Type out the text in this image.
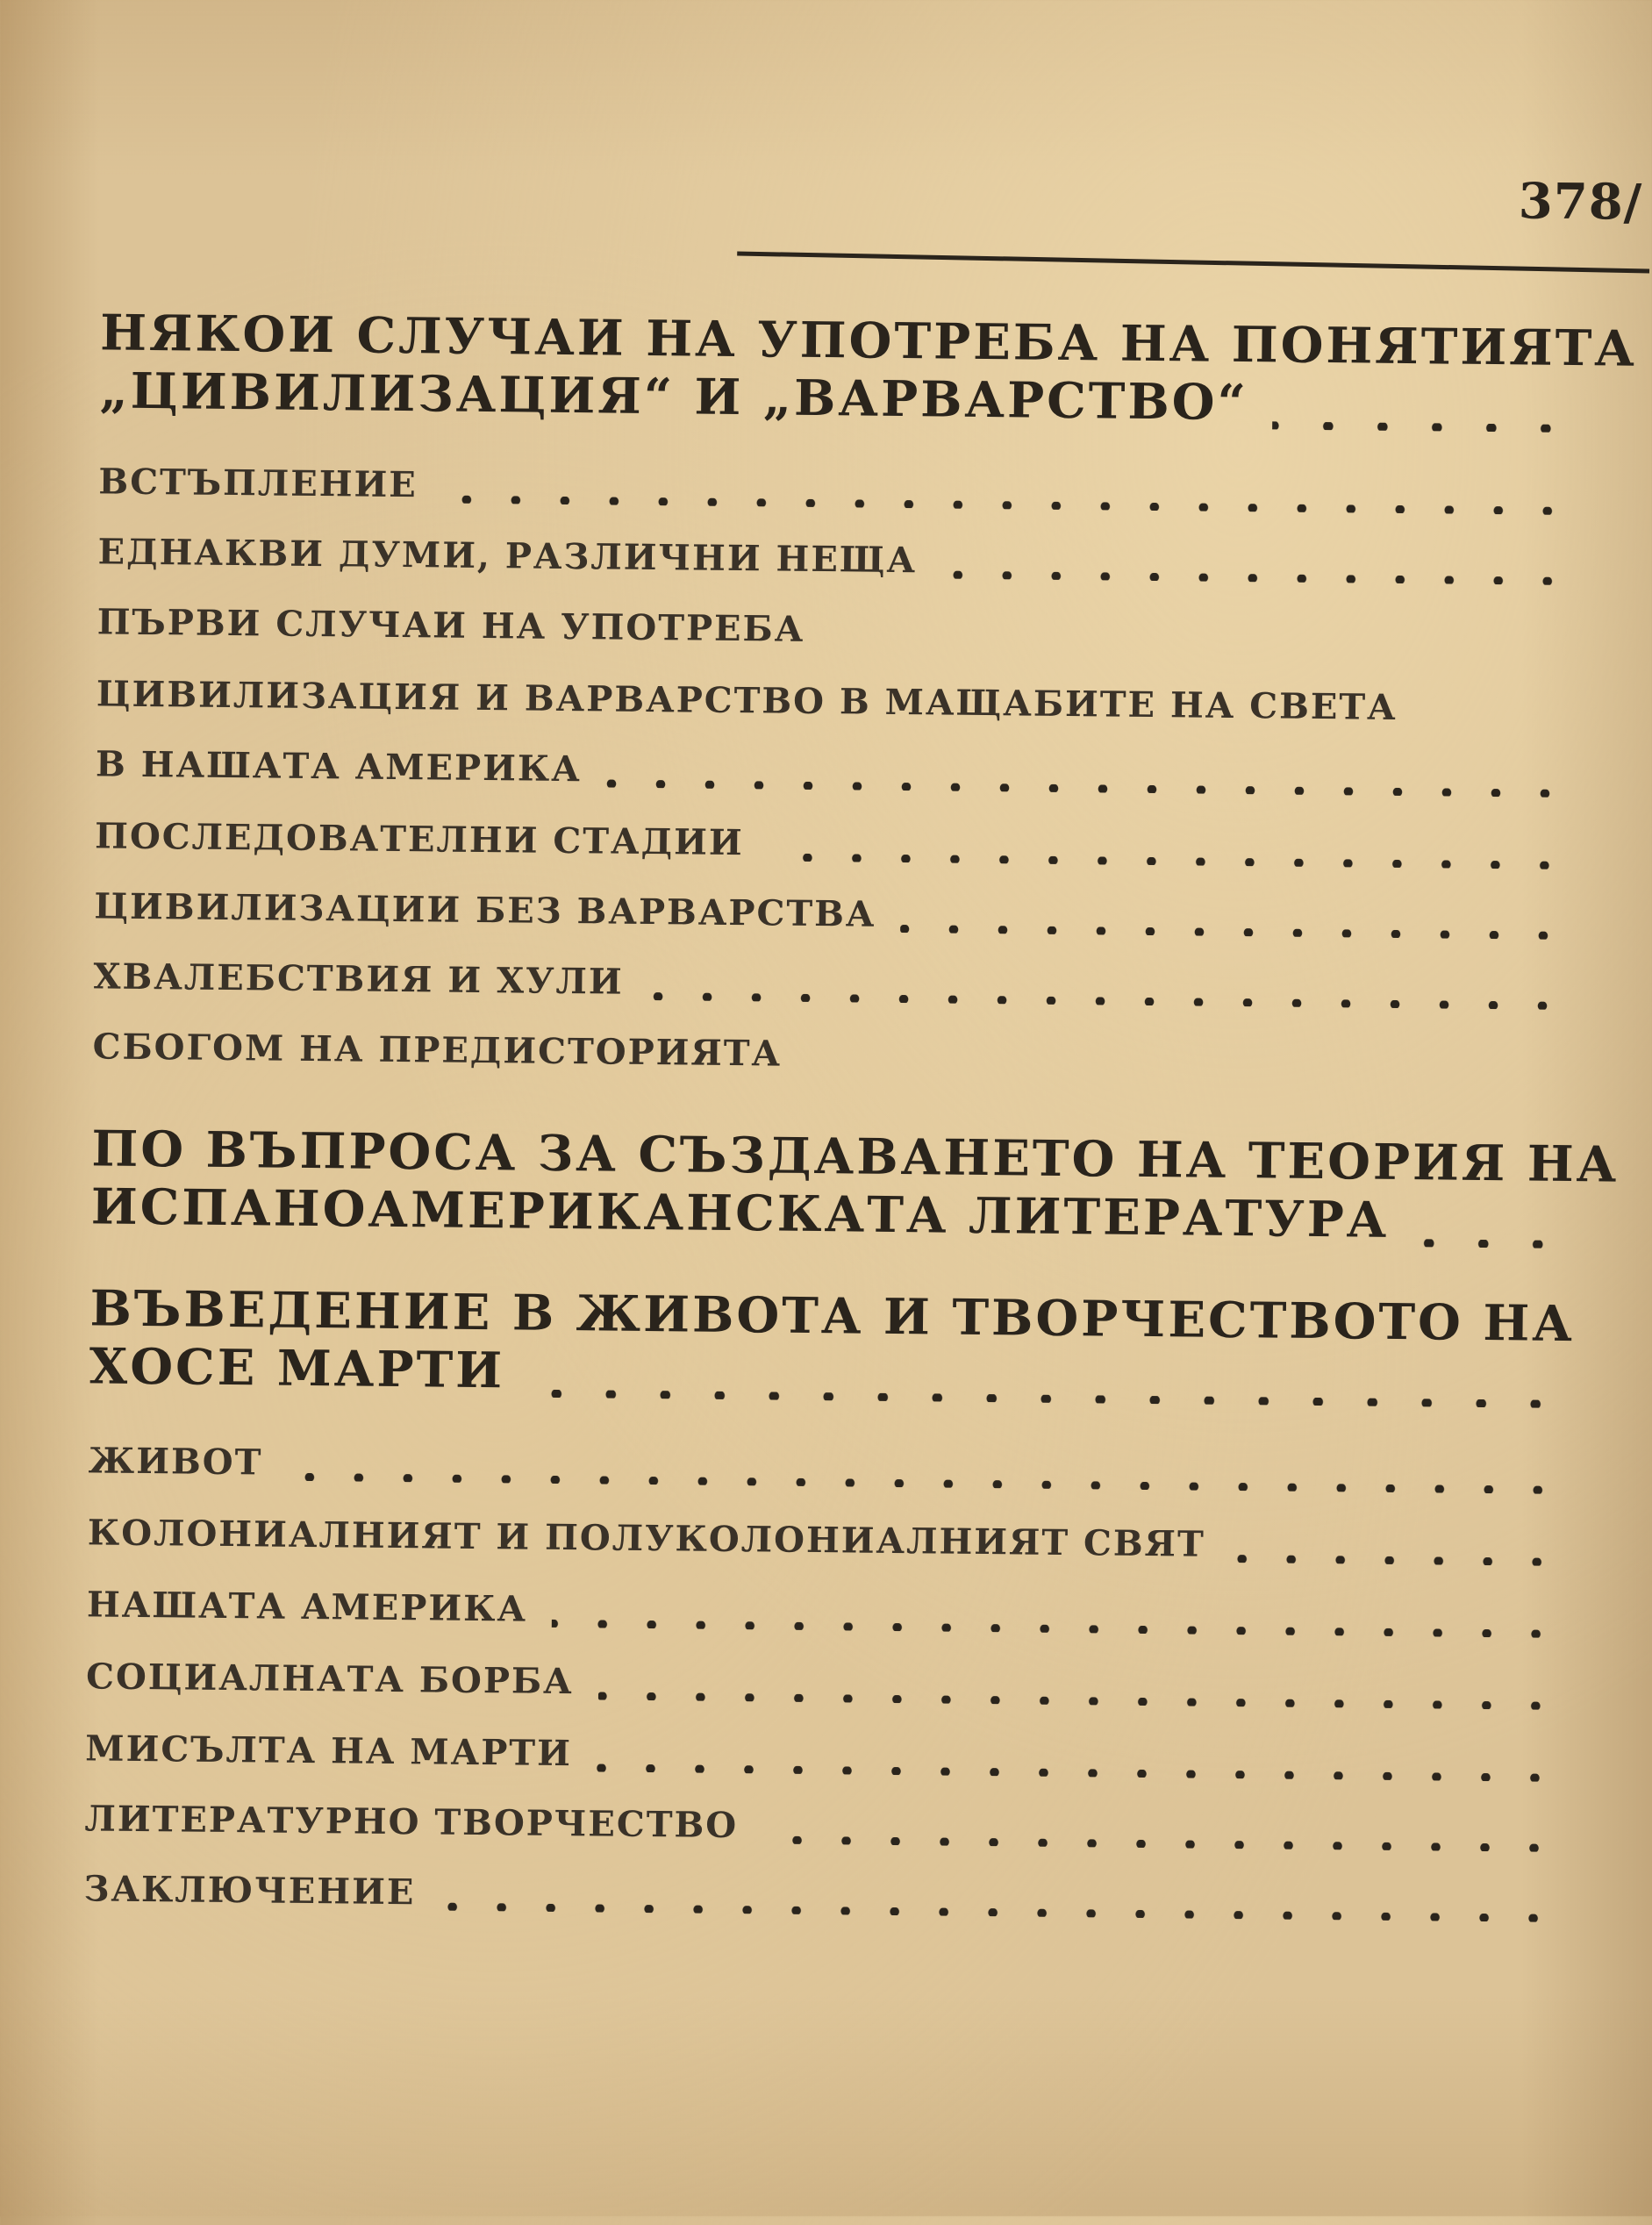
378/

НЯКОИ СЛУЧАИ НА УПОТРЕБА НА ПОНЯТИЯТА
„ЦИВИЛИЗАЦИЯ“ И „ВАРВАРСТВО“
ВСТЪПЛЕНИЕ
ЕДНАКВИ ДУМИ, РАЗЛИЧНИ НЕЩА
ПЪРВИ СЛУЧАИ НА УПОТРЕБА
ЦИВИЛИЗАЦИЯ И ВАРВАРСТВО В МАЩАБИТЕ НА СВЕТА
В НАШАТА АМЕРИКА
ПОСЛЕДОВАТЕЛНИ СТАДИИ
ЦИВИЛИЗАЦИИ БЕЗ ВАРВАРСТВА
ХВАЛЕБСТВИЯ И ХУЛИ
СБОГОМ НА ПРЕДИСТОРИЯТА
ПО ВЪПРОСА ЗА СЪЗДАВАНЕТО НА ТЕОРИЯ НА
ИСПАНОАМЕРИКАНСКАТА ЛИТЕРАТУРА
ВЪВЕДЕНИЕ В ЖИВОТА И ТВОРЧЕСТВОТО НА
ХОСЕ МАРТИ
ЖИВОТ
КОЛОНИАЛНИЯТ И ПОЛУКОЛОНИАЛНИЯТ СВЯТ
НАШАТА АМЕРИКА
СОЦИАЛНАТА БОРБА
МИСЪЛТА НА МАРТИ
ЛИТЕРАТУРНО ТВОРЧЕСТВО
ЗАКЛЮЧЕНИЕ
